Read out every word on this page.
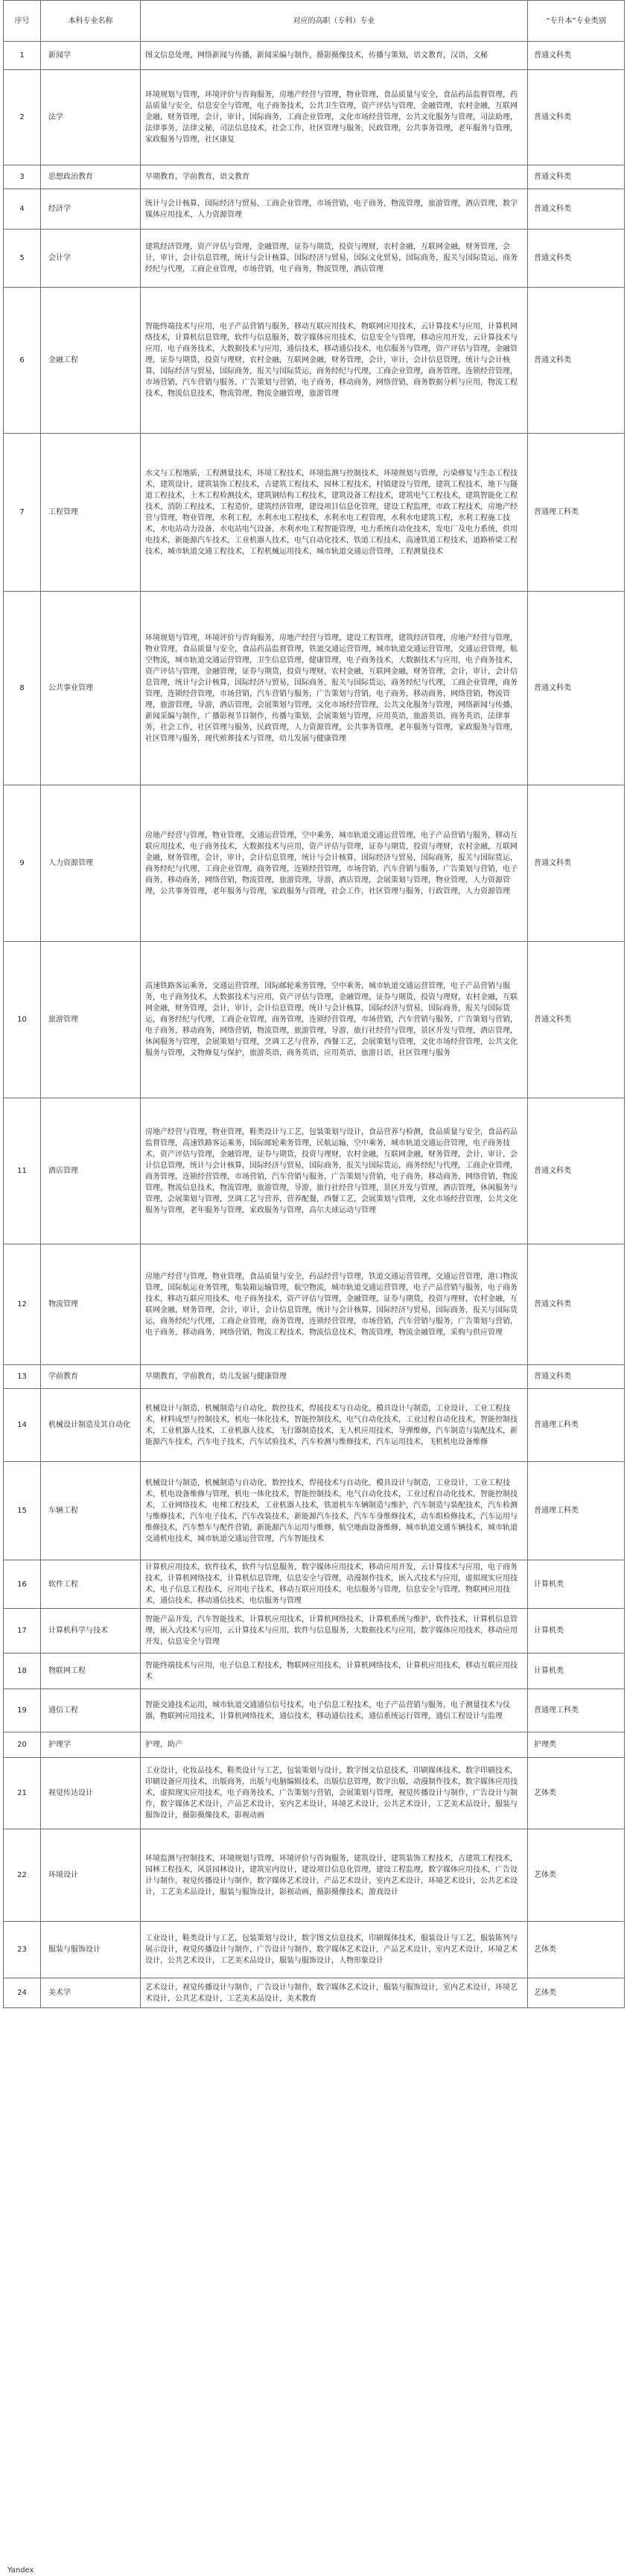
序号	本科专业名称	对应的高职（专科）专业	“专升本”专业类别
1	新闻学	图文信息处理，网络新闻与传播，新闻采编与制作，摄影摄像技术，传播与策划，语文教育，汉语，文秘	普通文科类
2	法学	环境规划与管理，环境评价与咨询服务，房地产经营与管理，物业管理，食品质量与安全，食品药品监督管理，药品质量与安全，信息安全与管理，电子商务技术，公共卫生管理，资产评估与管理，金融管理，农村金融，互联网金融，财务管理，会计，审计，国际商务，工商企业管理，文化市场经营管理，公共文化服务与管理，司法助理，法律事务，法律文秘，司法信息技术，社会工作，社区管理与服务，民政管理，公共事务管理，老年服务与管理，家政服务与管理，社区康复	普通文科类
3	思想政治教育	早期教育，学前教育，语文教育	普通文科类
4	经济学	统计与会计核算，国际经济与贸易，工商企业管理，市场营销，电子商务，物流管理，旅游管理，酒店管理，数字媒体应用技术，人力资源管理	普通文科类
5	会计学	建筑经济管理，资产评估与管理，金融管理，证券与期货，投资与理财，农村金融，互联网金融，财务管理，会计，审计，会计信息管理，统计与会计核算，国际经济与贸易，国际文化贸易，国际商务，报关与国际货运，商务经纪与代理，工商企业管理，市场营销，电子商务，物流管理，酒店管理	普通文科类
6	金融工程	智能终端技术与应用，电子产品营销与服务，移动互联应用技术，物联网应用技术，云计算技术与应用，计算机网络技术，计算机信息管理，软件与信息服务，数字媒体应用技术，信息安全与管理，移动应用开发，云计算技术与应用，电子商务技术，大数据技术与应用，通信技术，移动通信技术，电信服务与管理，资产评估与管理，金融管理，证券与期货，投资与理财，农村金融，互联网金融，财务管理，会计，审计，会计信息管理，统计与会计核算，国际经济与贸易，国际商务，报关与国际货运，商务经纪与代理，工商企业管理，商务管理，连锁经营管理，市场营销，汽车营销与服务，广告策划与营销，电子商务，移动商务，网络营销，商务数据分析与应用，物流工程技术，物流信息技术，物流管理，物流金融管理，旅游管理	普通文科类
7	工程管理	水文与工程地质，工程测量技术，环境工程技术，环境监测与控制技术，环境规划与管理，污染修复与生态工程技术，建筑设计，建筑装饰工程技术，古建筑工程技术，园林工程技术，村镇建设与管理，建筑工程技术，地下与隧道工程技术，土木工程检测技术，建筑钢结构工程技术，建筑设备工程技术，建筑电气工程技术，建筑智能化工程技术，消防工程技术，工程造价，建筑经济管理，建设项目信息化管理，建设工程监理，市政工程技术，房地产经营与管理，物业管理，水利工程，水利水电工程技术，水利水电工程管理，水利水电建筑工程，水利工程施工技术，水电站动力设备，水电站电气设备，水利水电工程智能管理，电力系统自动化技术，发电厂及电力系统，供用电技术，新能源汽车技术，工业机器人技术，电气自动化技术，铁道工程技术，高速铁道工程技术，道路桥梁工程技术，城市轨道交通工程技术，工程机械运用技术，城市轨道交通运营管理，工程测量技术	普通理工科类
8	公共事业管理	环境规划与管理，环境评价与咨询服务，房地产经营与管理，建设工程管理，建筑经济管理，房地产经营与管理，物业管理，食品质量与安全，食品药品监督管理，铁道交通运营管理，城市轨道交通运营管理，交通运营管理，航空物流，城市轨道交通运营管理，卫生信息管理，健康管理，电子商务技术，大数据技术与应用，电子商务技术，资产评估与管理，金融管理，证券与期货，投资与理财，农村金融，互联网金融，财务管理，会计，审计，会计信息管理，统计与会计核算，国际经济与贸易，国际商务，报关与国际货运，商务经纪与代理，工商企业管理，商务管理，连锁经营管理，市场营销，汽车营销与服务，广告策划与营销，电子商务，移动商务，网络营销，物流管理，旅游管理，导游，酒店管理，会展策划与管理，文化市场经营管理，公共文化服务与管理，网络新闻与传播，新闻采编与制作，广播影视节目制作，传播与策划，会展策划与管理，应用英语，旅游英语，商务英语，法律事务，社会工作，社区管理与服务，民政管理，人力资源管理，公共事务管理，老年服务与管理，家政服务与管理，社区管理与服务，现代殡葬技术与管理，幼儿发展与健康管理	普通文科类
9	人力资源管理	房地产经营与管理，物业管理，交通运营管理，空中乘务，城市轨道交通运营管理，电子产品营销与服务，移动互联应用技术，电子商务技术，大数据技术与应用，资产评估与管理，证券与期货，投资与理财，农村金融，互联网金融，财务管理，会计，审计，会计信息管理，统计与会计核算，国际经济与贸易，国际商务，报关与国际货运，商务经纪与代理，工商企业管理，商务管理，连锁经营管理，市场营销，汽车营销与服务，广告策划与营销，电子商务，移动商务，网络营销，物流管理，旅游管理，导游，酒店管理，会展策划与管理，物业管理，人力资源管理，公共事务管理，老年服务与管理，家政服务与管理，社会工作，社区管理与服务，行政管理，人力资源管理	普通文科类
10	旅游管理	高速铁路客运乘务，交通运营管理，国际邮轮乘务管理，空中乘务，城市轨道交通运营管理，电子产品营销与服务，电子商务技术，大数据技术与应用，资产评估与管理，金融管理，证券与期货，投资与理财，农村金融，互联网金融，财务管理，会计，审计，会计信息管理，统计与会计核算，国际经济与贸易，国际商务，报关与国际货运，商务经纪与代理，工商企业管理，商务管理，连锁经营管理，市场营销，汽车营销与服务，广告策划与营销，电子商务，移动商务，网络营销，物流管理，旅游管理，导游，旅行社经营与管理，景区开发与管理，酒店管理，休闲服务与管理，会展策划与管理，烹调工艺与营养，西餐工艺，会展策划与管理，文化市场经营管理，公共文化服务与管理，文物修复与保护，旅游英语，商务英语，应用英语，旅游日语，社区管理与服务	普通文科类
11	酒店管理	房地产经营与管理，物业管理，鞋类设计与工艺，包装策划与设计，食品营养与检测，食品质量与安全，食品药品监督管理，高速铁路客运乘务，国际邮轮乘务管理，民航运输，空中乘务，城市轨道交通运营管理，电子商务技术，资产评估与管理，金融管理，证券与期货，投资与理财，农村金融，互联网金融，财务管理，会计，审计，会计信息管理，统计与会计核算，国际经济与贸易，国际商务，报关与国际货运，商务经纪与代理，工商企业管理，商务管理，连锁经营管理，市场营销，汽车营销与服务，广告策划与营销，电子商务，移动商务，网络营销，物流管理，物流信息技术，物流管理，旅游管理，导游，旅行社经营与管理，景区开发与管理，酒店管理，休闲服务与管理，会展策划与管理，烹调工艺与营养，营养配餐，西餐工艺，会展策划与管理，文化市场经营管理，公共文化服务与管理，老年服务与管理，家政服务与管理，高尔夫球运动与管理	普通文科类
12	物流管理	房地产经营与管理，物业管理，食品质量与安全，药品经营与管理，铁道交通运营管理，交通运营管理，港口物流管理，国际航运业务管理，集装箱运输管理，航空物流，城市轨道交通运营管理，电子产品营销与服务，电子商务技术，移动互联应用技术，电子商务技术，资产评估与管理，金融管理，证券与期货，投资与理财，农村金融，互联网金融，财务管理，会计，审计，会计信息管理，统计与会计核算，国际经济与贸易，国际商务，报关与国际货运，商务经纪与代理，工商企业管理，商务管理，连锁经营管理，市场营销，汽车营销与服务，广告策划与营销，电子商务，移动商务，网络营销，物流工程技术，物流信息技术，物流管理，物流金融管理，采购与供应管理	普通文科类
13	学前教育	早期教育，学前教育，幼儿发展与健康管理	普通文科类
14	机械设计制造及其自动化	机械设计与制造，机械制造与自动化，数控技术，焊接技术与自动化，模具设计与制造，工业设计，工业工程技术，材料成型与控制技术，机电一体化技术，智能控制技术，电气自动化技术，工业过程自动化技术，智能控制技术，工业机器人技术，工业机器人技术，飞行器制造技术，无人机应用技术，导弹维修，汽车制造与装配技术，新能源汽车技术，汽车电子技术，汽车试验技术，汽车检测与维修技术，汽车运用技术，飞机机电设备维修	普通理工科类
15	车辆工程	机械设计与制造，机械制造与自动化，数控技术，焊接技术与自动化，模具设计与制造，工业设计，工业工程技术，机电设备维修与管理，机电一体化技术，智能控制技术，电气自动化技术，工业过程自动化技术，智能控制技术，工业网络技术，电梯工程技术，工业机器人技术，铁道机车车辆制造与维护，汽车制造与装配技术，汽车检测与维修技术，汽车电子技术，汽车改装技术，新能源汽车技术，汽车车身维修技术，动车组检修技术，汽车运用与维修技术，汽车整车与配件营销，新能源汽车运用与维修，航空地面设备维修，城市轨道交通车辆技术，城市轨道交通机电技术，城市轨道交通运营管理，汽车智能技术	普通理工科类
16	软件工程	计算机应用技术，软件技术，软件与信息服务，数字媒体应用技术，移动应用开发，云计算技术与应用，电子商务技术，计算机网络技术，计算机信息管理，信息安全与管理，动漫制作技术，嵌入式技术与应用，虚拟现实应用技术，电子信息工程技术，应用电子技术，移动互联应用技术，电信服务与管理，信息安全与管理，物联网应用技术，通信技术，移动通信技术，电信服务与管理	计算机类
17	计算机科学与技术	智能产品开发，汽车智能技术，计算机应用技术，计算机网络技术，计算机系统与维护，软件技术，计算机信息管理，嵌入式技术与应用，云计算技术与应用，软件与信息服务，大数据技术与应用，数字媒体应用技术，移动应用开发，信息安全与管理	计算机类
18	物联网工程	智能终端技术与应用，电子信息工程技术，物联网应用技术，计算机网络技术，计算机应用技术，移动互联应用技术	计算机类
19	通信工程	智能交通技术运用，城市轨道交通通信信号技术，电子信息工程技术，电子产品营销与服务，电子测量技术与仪器，物联网应用技术，计算机网络技术，通信技术，移动通信技术，通信系统运行管理，通信工程设计与监理	普通理工科类
20	护理学	护理，助产	护理类
21	视觉传达设计	工业设计，化妆品技术，鞋类设计与工艺，包装策划与设计，数字图文信息技术，印刷媒体技术，数字印刷技术，印刷设备应用技术，出版商务，出版与电脑编辑技术，出版信息管理，数字出版，动漫制作技术，数字媒体应用技术，虚拟现实应用技术，电子商务技术，广告策划与营销，会展策划与管理，视觉传播设计与制作，广告设计与制作，数字媒体艺术设计，产品艺术设计，室内艺术设计，环境艺术设计，公共艺术设计，工艺美术品设计，服装与服饰设计，摄影摄像技术，影视动画	艺体类
22	环境设计	环境监测与控制技术，环境规划与管理，环境评价与咨询服务，建筑设计，建筑装饰工程技术，古建筑工程技术，园林工程技术，风景园林设计，建筑室内设计，建设项目信息化管理，建设工程监理，数字媒体应用技术，广告设计与制作，视觉传播设计与制作，数字媒体艺术设计，产品艺术设计，室内艺术设计，环境艺术设计，公共艺术设计，工艺美术品设计，服装与服饰设计，影视动画，摄影摄像技术，游戏设计	艺体类
23	服装与服饰设计	工业设计，鞋类设计与工艺，包装策划与设计，数字图文信息技术，印刷媒体技术，服装设计与工艺，服装陈列与展示设计，视觉传播设计与制作，广告设计与制作，数字媒体艺术设计，产品艺术设计，室内艺术设计，环境艺术设计，公共艺术设计，工艺美术品设计，服装与服饰设计，人物形象设计	艺体类
24	美术学	艺术设计，视觉传播设计与制作，广告设计与制作，数字媒体艺术设计，服装与服饰设计，室内艺术设计，环境艺术设计，公共艺术设计，工艺美术品设计，美术教育	艺体类
Yandex
